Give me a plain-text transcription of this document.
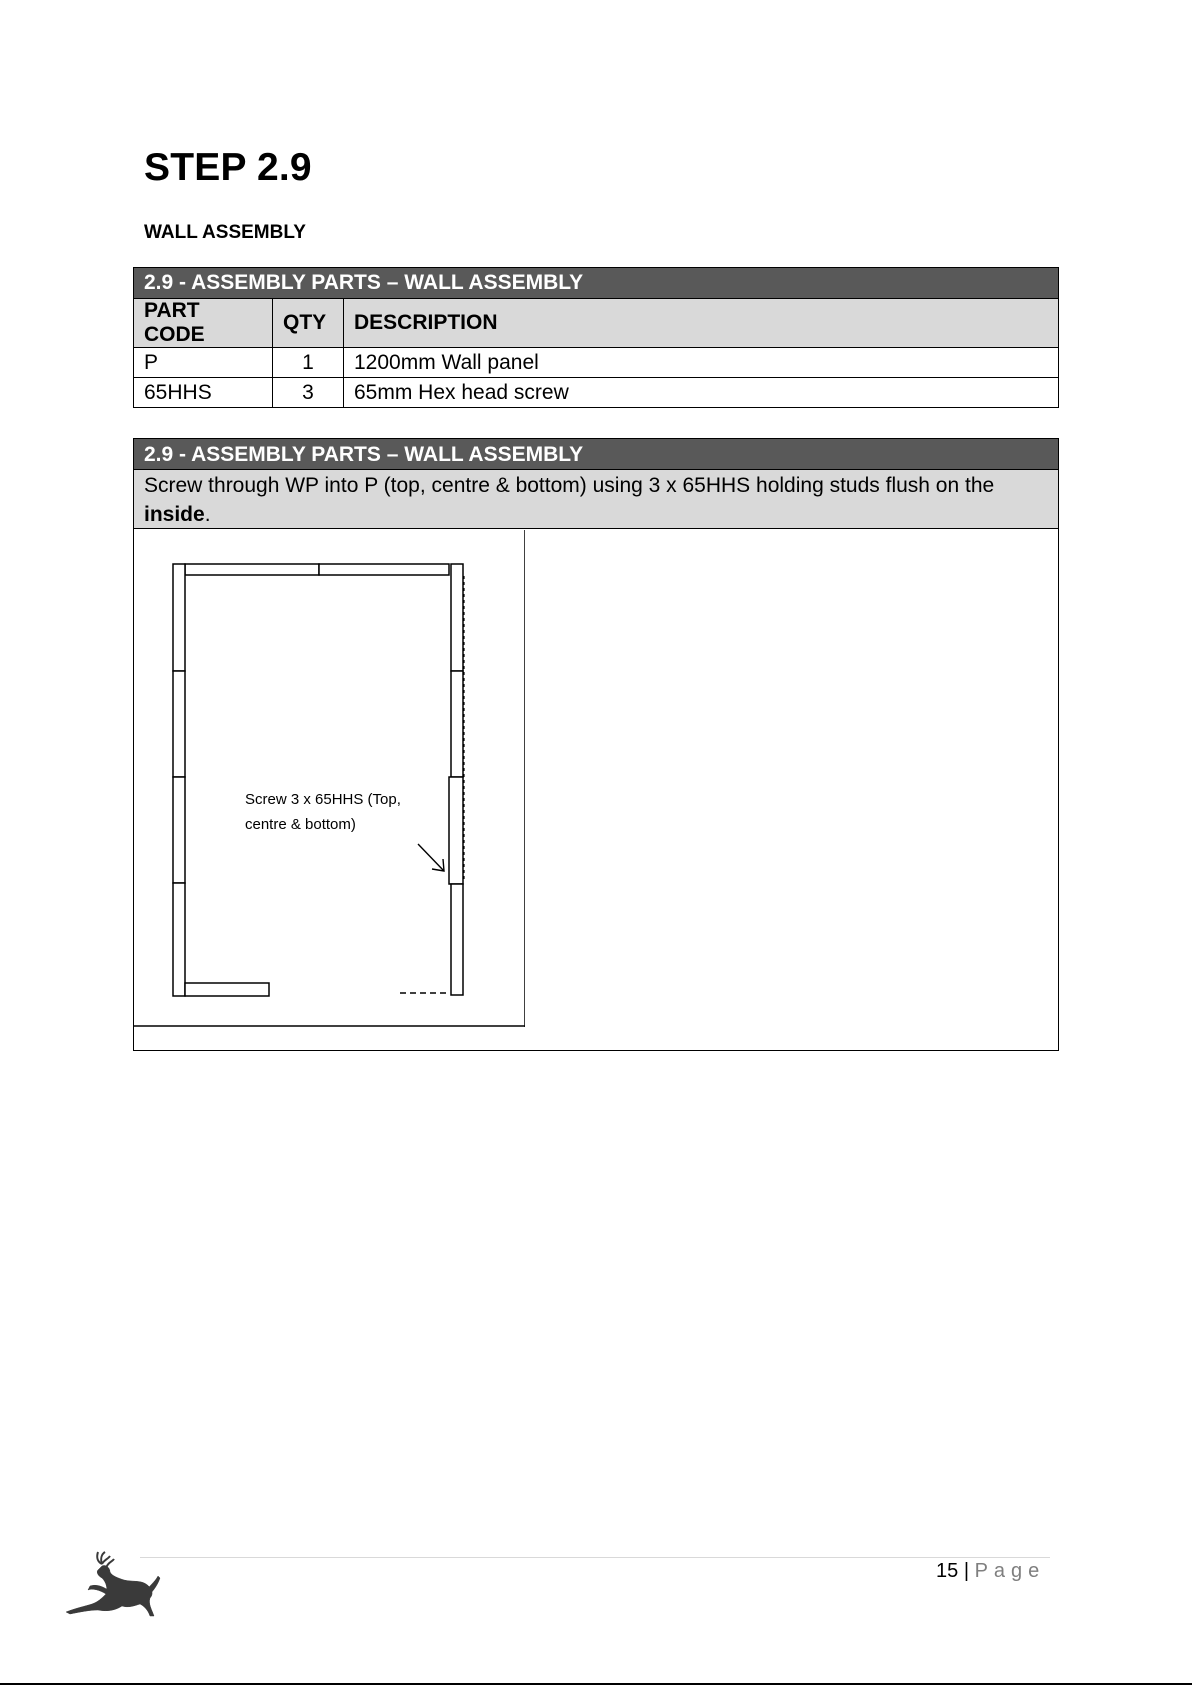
STEP 2.9
WALL ASSEMBLY
2.9 - ASSEMBLY PARTS – WALL ASSEMBLY		
PART CODE	QTY	DESCRIPTION
P	1	1200mm Wall panel
65HHS	3	65mm Hex head screw
2.9 - ASSEMBLY PARTS – WALL ASSEMBLY
Screw through WP into P (top, centre & bottom) using 3 x 65HHS holding studs flush on the inside.
Screw 3 x 65HHS (Top,
centre & bottom)
15 | Page
